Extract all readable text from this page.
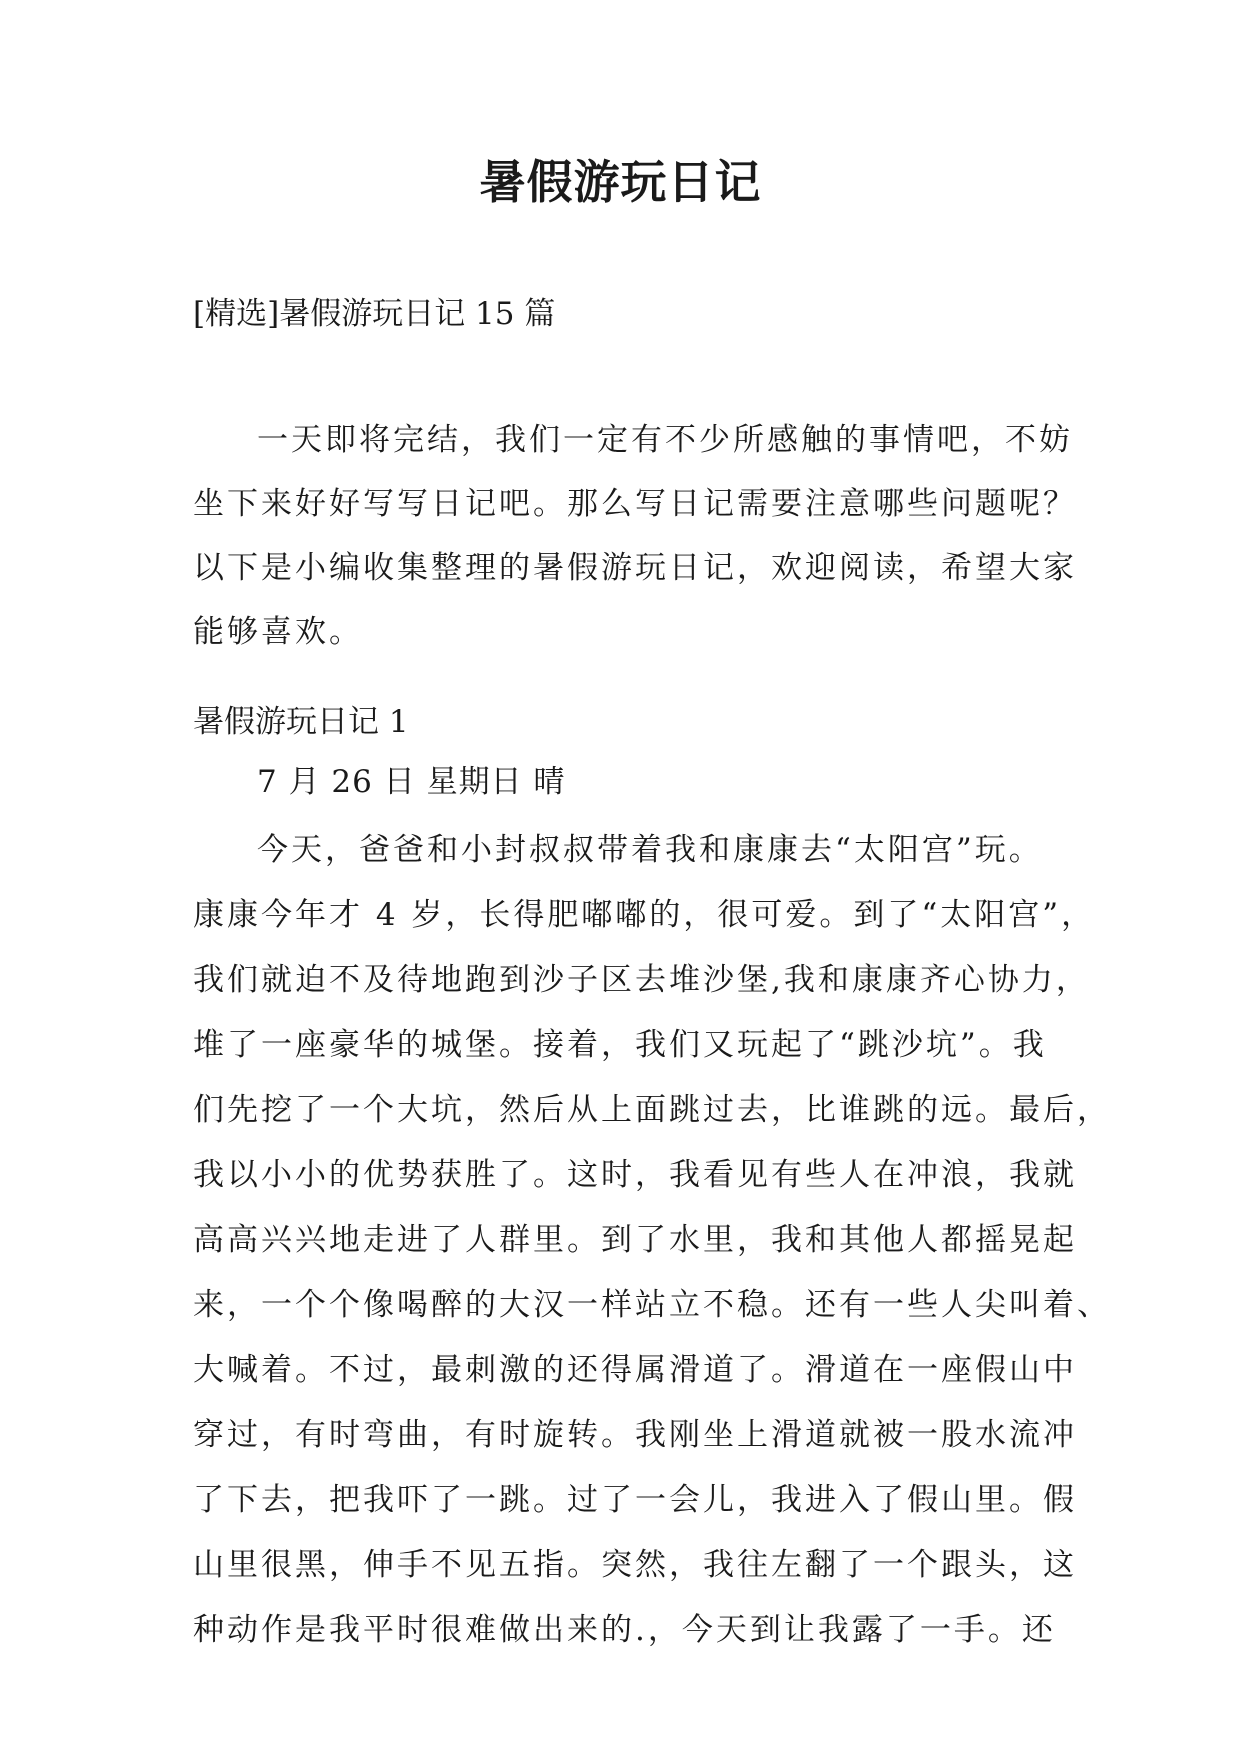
暑假游玩日记
[精选]暑假游玩日记 15 篇
一天即将完结，我们一定有不少所感触的事情吧，不妨
坐下来好好写写日记吧。那么写日记需要注意哪些问题呢？
以下是小编收集整理的暑假游玩日记，欢迎阅读，希望大家
能够喜欢。
暑假游玩日记 1
7 月 26 日 星期日 晴
今天，爸爸和小封叔叔带着我和康康去“太阳宫”玩。
康康今年才 4 岁，长得肥嘟嘟的，很可爱。到了“太阳宫”，
我们就迫不及待地跑到沙子区去堆沙堡,我和康康齐心协力，
堆了一座豪华的城堡。接着，我们又玩起了“跳沙坑”。我
们先挖了一个大坑，然后从上面跳过去，比谁跳的远。最后，
我以小小的优势获胜了。这时，我看见有些人在冲浪，我就
高高兴兴地走进了人群里。到了水里，我和其他人都摇晃起
来，一个个像喝醉的大汉一样站立不稳。还有一些人尖叫着、
大喊着。不过，最刺激的还得属滑道了。滑道在一座假山中
穿过，有时弯曲，有时旋转。我刚坐上滑道就被一股水流冲
了下去，把我吓了一跳。过了一会儿，我进入了假山里。假
山里很黑，伸手不见五指。突然，我往左翻了一个跟头，这
种动作是我平时很难做出来的.，今天到让我露了一手。还
